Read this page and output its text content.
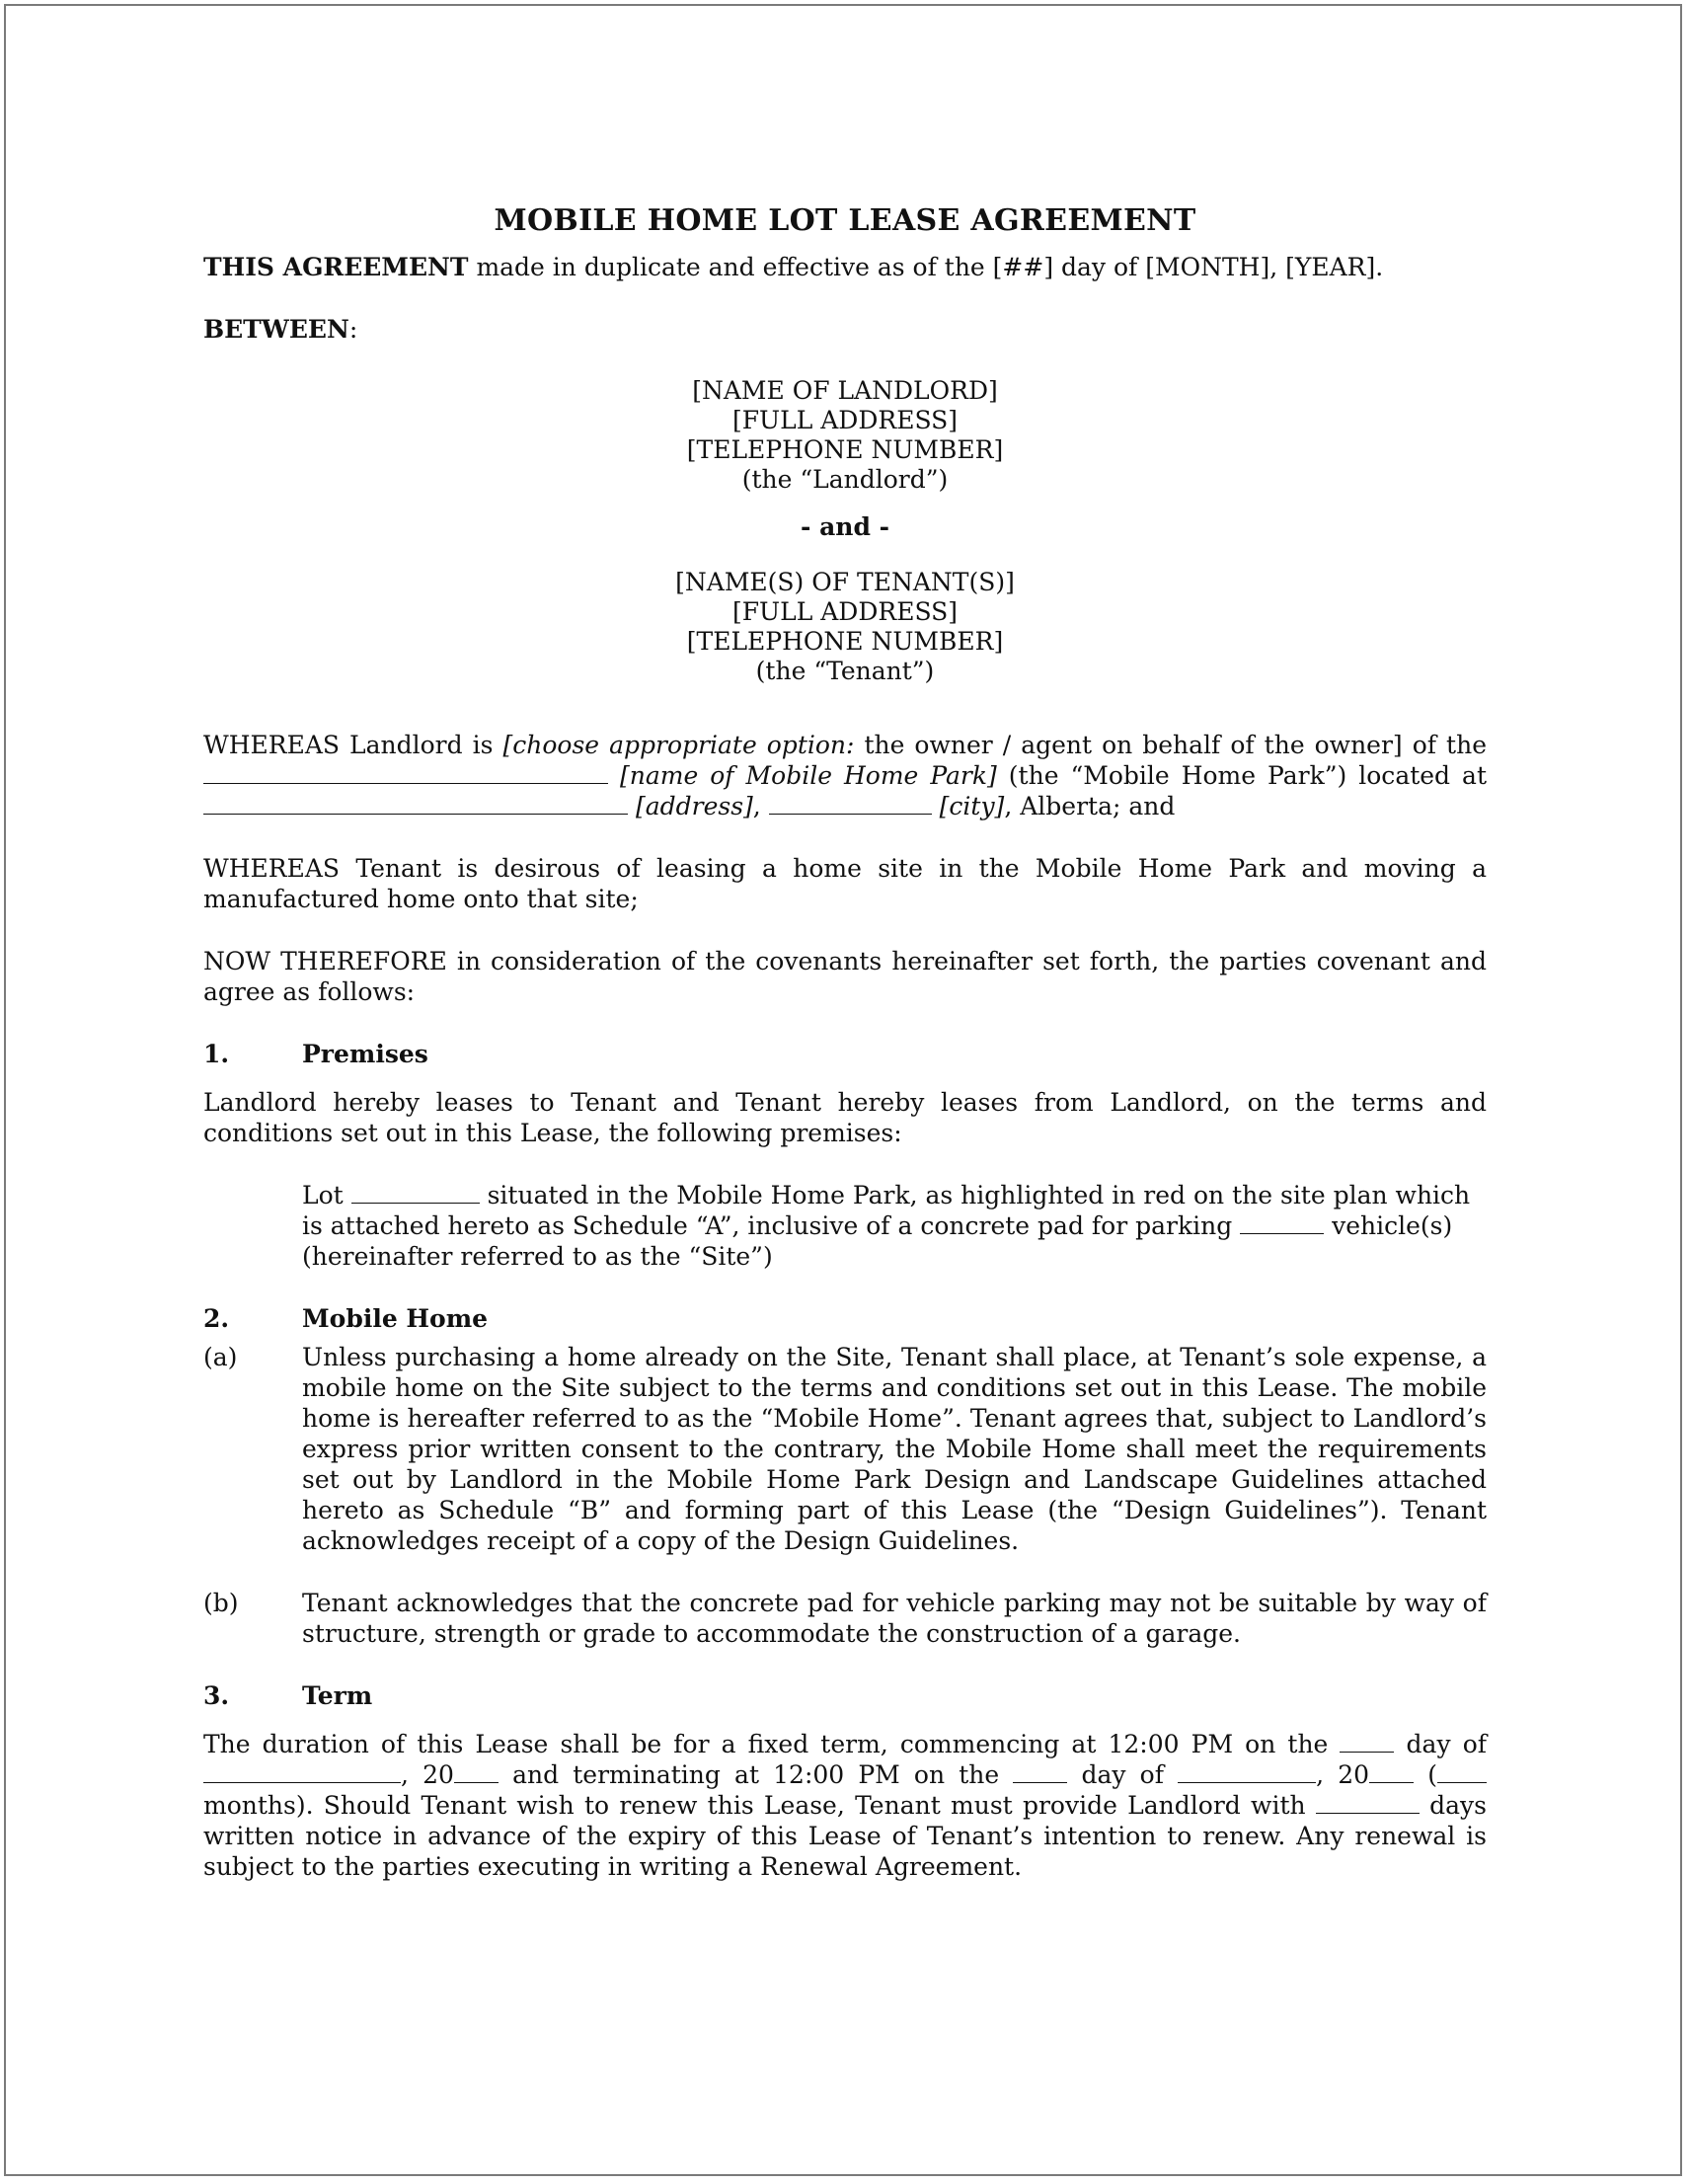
MOBILE HOME LOT LEASE AGREEMENT

THIS AGREEMENT made in duplicate and effective as of the [##] day of [MONTH], [YEAR].

BETWEEN:

[NAME OF LANDLORD]
[FULL ADDRESS]
[TELEPHONE NUMBER]
(the “Landlord”)
- and -
[NAME(S) OF TENANT(S)]
[FULL ADDRESS]
[TELEPHONE NUMBER]
(the “Tenant”)

WHEREAS Landlord is [choose appropriate option: the owner / agent on behalf of the owner] of the

[name of Mobile Home Park] (the “Mobile Home Park”) located at

[address],	[city], Alberta; and

WHEREAS Tenant is desirous of leasing a home site in the Mobile Home Park and moving a manufactured home onto that site;

NOW THEREFORE in consideration of the covenants hereinafter set forth, the parties covenant and agree as follows:

1.	Premises

Landlord hereby leases to Tenant and Tenant hereby leases from Landlord, on the terms and conditions set out in this Lease, the following premises:

Lot	situated in the Mobile Home Park, as highlighted in red on the site plan which is attached hereto as Schedule “A”, inclusive of a concrete pad for parking	vehicle(s) (hereinafter referred to as the “Site”)

2.	Mobile Home
(a)	Unless purchasing a home already on the Site, Tenant shall place, at Tenant’s sole expense, a mobile home on the Site subject to the terms and conditions set out in this Lease. The mobile home is hereafter referred to as the “Mobile Home”. Tenant agrees that, subject to Landlord’s express prior written consent to the contrary, the Mobile Home shall meet the requirements set out by Landlord in the Mobile Home Park Design and Landscape Guidelines attached hereto as Schedule “B” and forming part of this Lease (the “Design Guidelines”). Tenant acknowledges receipt of a copy of the Design Guidelines.
(b)	Tenant acknowledges that the concrete pad for vehicle parking may not be suitable by way of structure, strength or grade to accommodate the construction of a garage.
3.	Term

The duration of this Lease shall be for a fixed term, commencing at 12:00 PM on the  day of , 20 and terminating at 12:00 PM on the  day of	, 20 ( months). Should Tenant wish to renew this Lease, Tenant must provide Landlord with	days written notice in advance of the expiry of this Lease of Tenant’s intention to renew. Any renewal is subject to the parties executing in writing a Renewal Agreement.
